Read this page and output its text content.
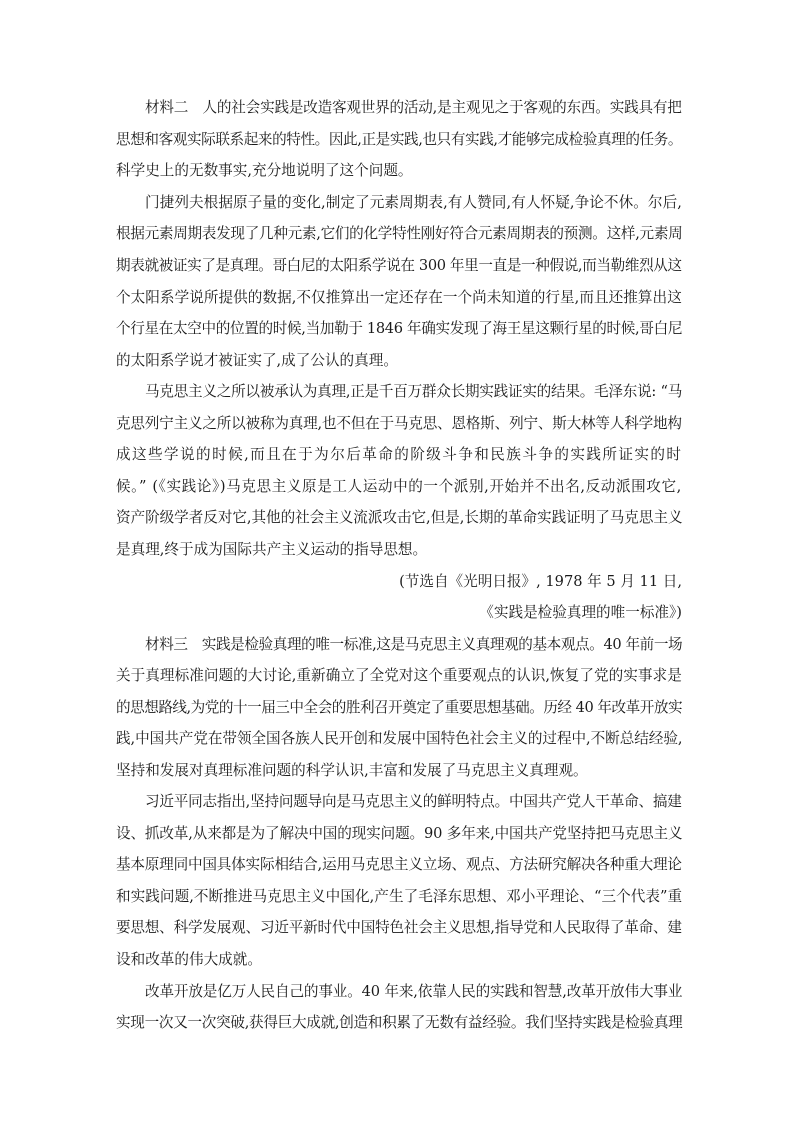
材料二　人的社会实践是改造客观世界的活动,是主观见之于客观的东西。实践具有把
思想和客观实际联系起来的特性。因此,正是实践,也只有实践,才能够完成检验真理的任务。
科学史上的无数事实,充分地说明了这个问题。
门捷列夫根据原子量的变化,制定了元素周期表,有人赞同,有人怀疑,争论不休。尔后,
根据元素周期表发现了几种元素,它们的化学特性刚好符合元素周期表的预测。这样,元素周
期表就被证实了是真理。哥白尼的太阳系学说在 300 年里一直是一种假说,而当勒维烈从这
个太阳系学说所提供的数据,不仅推算出一定还存在一个尚未知道的行星,而且还推算出这
个行星在太空中的位置的时候,当加勒于 1846 年确实发现了海王星这颗行星的时候,哥白尼
的太阳系学说才被证实了,成了公认的真理。
马克思主义之所以被承认为真理,正是千百万群众长期实践证实的结果。毛泽东说: “马
克思列宁主义之所以被称为真理,也不但在于马克思、恩格斯、列宁、斯大林等人科学地构
成这些学说的时候,而且在于为尔后革命的阶级斗争和民族斗争的实践所证实的时
候。” (《实践论》)马克思主义原是工人运动中的一个派别,开始并不出名,反动派围攻它,
资产阶级学者反对它,其他的社会主义流派攻击它,但是,长期的革命实践证明了马克思主义
是真理,终于成为国际共产主义运动的指导思想。
(节选自《光明日报》, 1978 年 5 月 11 日,
《实践是检验真理的唯一标准》)
材料三　实践是检验真理的唯一标准,这是马克思主义真理观的基本观点。40 年前一场
关于真理标准问题的大讨论,重新确立了全党对这个重要观点的认识,恢复了党的实事求是
的思想路线,为党的十一届三中全会的胜利召开奠定了重要思想基础。历经 40 年改革开放实
践,中国共产党在带领全国各族人民开创和发展中国特色社会主义的过程中,不断总结经验,
坚持和发展对真理标准问题的科学认识,丰富和发展了马克思主义真理观。
习近平同志指出,坚持问题导向是马克思主义的鲜明特点。中国共产党人干革命、搞建
设、抓改革,从来都是为了解决中国的现实问题。90 多年来,中国共产党坚持把马克思主义
基本原理同中国具体实际相结合,运用马克思主义立场、观点、方法研究解决各种重大理论
和实践问题,不断推进马克思主义中国化,产生了毛泽东思想、邓小平理论、“三个代表”重
要思想、科学发展观、习近平新时代中国特色社会主义思想,指导党和人民取得了革命、建
设和改革的伟大成就。
改革开放是亿万人民自己的事业。40 年来,依靠人民的实践和智慧,改革开放伟大事业
实现一次又一次突破,获得巨大成就,创造和积累了无数有益经验。我们坚持实践是检验真理
